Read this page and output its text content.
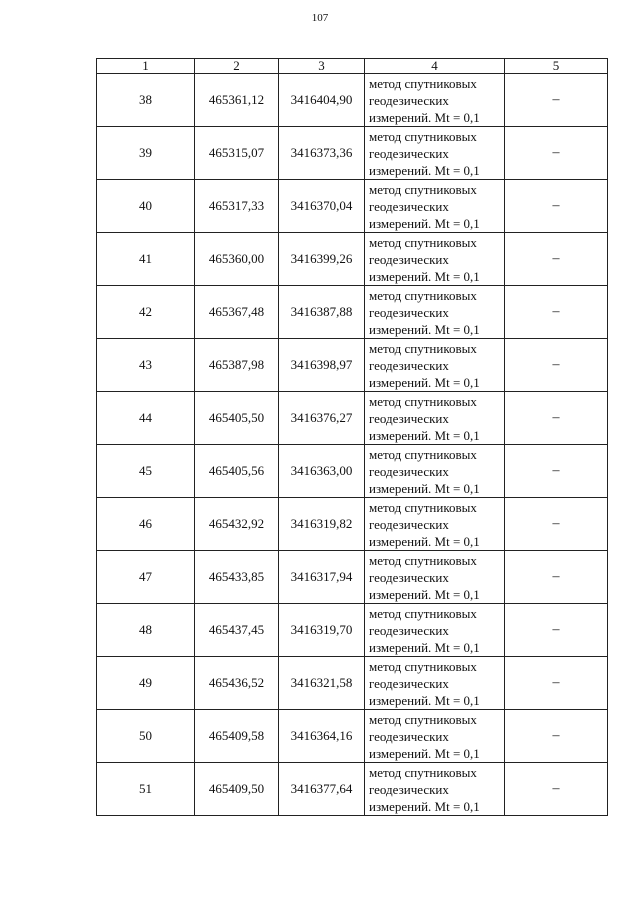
107
1	2	3	4	5
38	465361,12	3416404,90	метод спутниковых
геодезических
измерений. Mt = 0,1	–
39	465315,07	3416373,36	метод спутниковых
геодезических
измерений. Mt = 0,1	–
40	465317,33	3416370,04	метод спутниковых
геодезических
измерений. Mt = 0,1	–
41	465360,00	3416399,26	метод спутниковых
геодезических
измерений. Mt = 0,1	–
42	465367,48	3416387,88	метод спутниковых
геодезических
измерений. Mt = 0,1	–
43	465387,98	3416398,97	метод спутниковых
геодезических
измерений. Mt = 0,1	–
44	465405,50	3416376,27	метод спутниковых
геодезических
измерений. Mt = 0,1	–
45	465405,56	3416363,00	метод спутниковых
геодезических
измерений. Mt = 0,1	–
46	465432,92	3416319,82	метод спутниковых
геодезических
измерений. Mt = 0,1	–
47	465433,85	3416317,94	метод спутниковых
геодезических
измерений. Mt = 0,1	–
48	465437,45	3416319,70	метод спутниковых
геодезических
измерений. Mt = 0,1	–
49	465436,52	3416321,58	метод спутниковых
геодезических
измерений. Mt = 0,1	–
50	465409,58	3416364,16	метод спутниковых
геодезических
измерений. Mt = 0,1	–
51	465409,50	3416377,64	метод спутниковых
геодезических
измерений. Mt = 0,1	–
